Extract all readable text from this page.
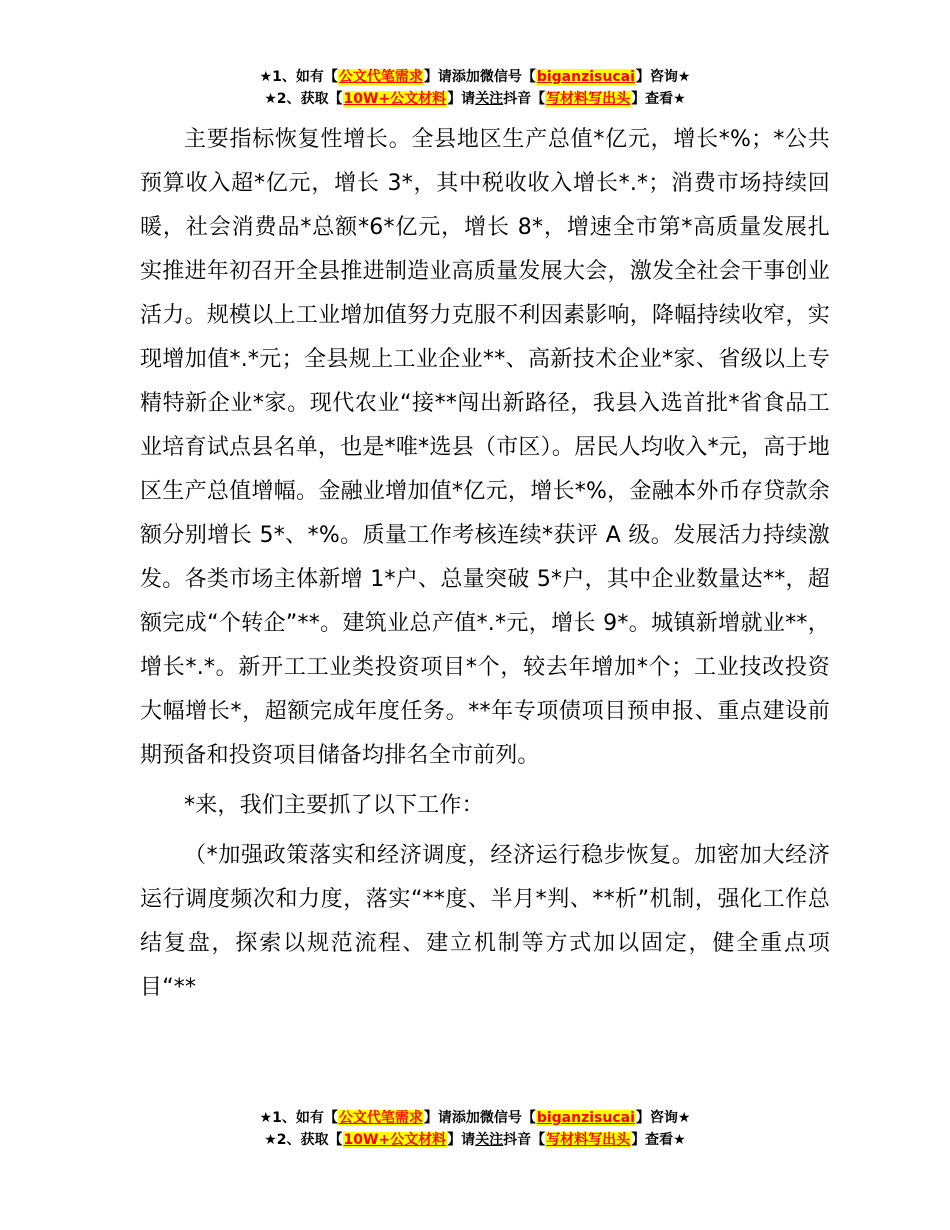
★1、如有【公文代笔需求】请添加微信号【biganzisucai】咨询★
★2、获取【10W+公文材料】请关注抖音【写材料写出头】查看★

主要指标恢复性增长。全县地区生产总值*亿元，增长*%；*公共预算收入超*亿元，增长 3*，其中税收收入增长*.*；消费市场持续回暖，社会消费品*总额*6*亿元，增长 8*，增速全市第*高质量发展扎实推进年初召开全县推进制造业高质量发展大会，激发全社会干事创业活力。规模以上工业增加值努力克服不利因素影响，降幅持续收窄，实现增加值*.*元；全县规上工业企业**、高新技术企业*家、省级以上专精特新企业*家。现代农业“接**闯出新路径，我县入选首批*省食品工业培育试点县名单，也是*唯*选县（市区）。居民人均收入*元，高于地区生产总值增幅。金融业增加值*亿元，增长*%，金融本外币存贷款余额分别增长 5*、*%。质量工作考核连续*获评 A 级。发展活力持续激发。各类市场主体新增 1*户、总量突破 5*户，其中企业数量达**，超额完成“个转企”**。建筑业总产值*.*元，增长 9*。城镇新增就业**，增长*.*。新开工工业类投资项目*个，较去年增加*个；工业技改投资大幅增长*，超额完成年度任务。**年专项债项目预申报、重点建设前期预备和投资项目储备均排名全市前列。

*来，我们主要抓了以下工作：

（*加强政策落实和经济调度，经济运行稳步恢复。加密加大经济运行调度频次和力度，落实“**度、半月*判、**析”机制，强化工作总结复盘，探索以规范流程、建立机制等方式加以固定，健全重点项目“**

★1、如有【公文代笔需求】请添加微信号【biganzisucai】咨询★
★2、获取【10W+公文材料】请关注抖音【写材料写出头】查看★
